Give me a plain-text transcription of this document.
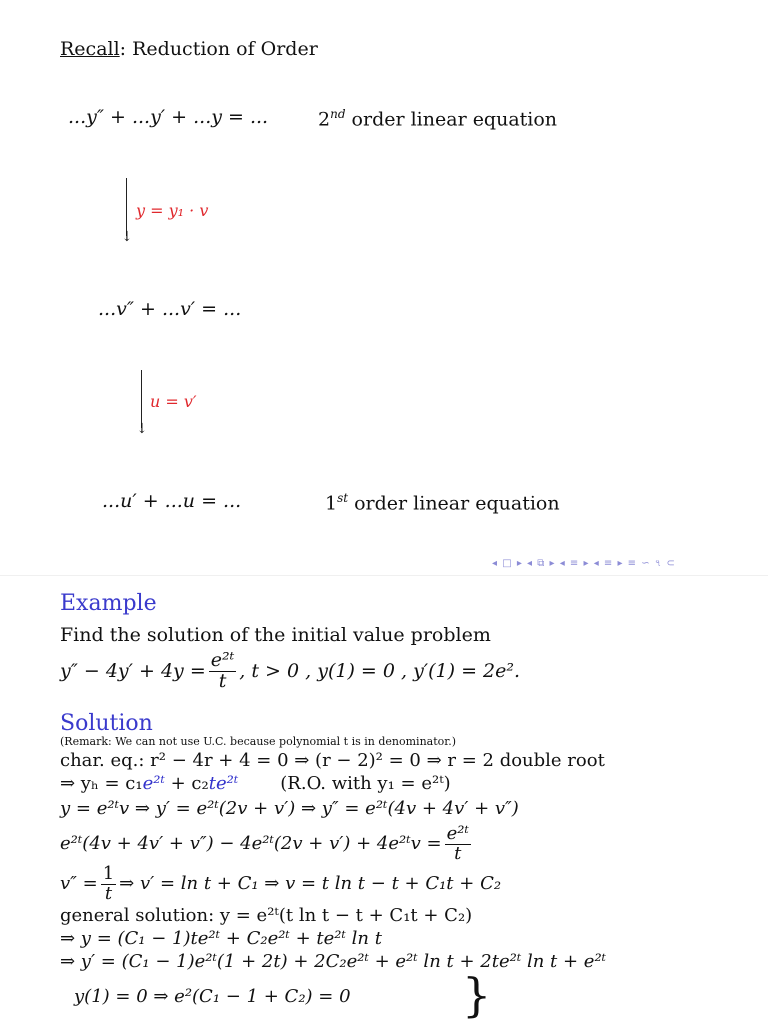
Recall: Reduction of Order
...y″ + ...y′ + ...y = ...	2nd order linear equation
↓
y = y₁ · v
...v″ + ...v′ = ...
↓
u = v′
...u′ + ...u = ...	1st order linear equation
◂ □ ▸ ◂ ⧉ ▸ ◂ ≡ ▸ ◂ ≡ ▸ ≡ ∽ ৭ ⊂
Example
Find the solution of the initial value problem
$y'' - 4y' + 4y = \frac{\text{e²ᵗ}}{t}$ , t > 0 , y(1) = 0 , y′(1) = 2e².
Solution
(Remark: We can not use U.C. because polynomial t is in denominator.)
char. eq.: r² − 4r + 4 = 0 ⇒ (r − 2)² = 0 ⇒ r = 2 double root
⇒ yₕ = c₁e²ᵗ + c₂te²ᵗ (R.O. with y₁ = e²ᵗ)
y = e²ᵗv ⇒ y′ = e²ᵗ(2v + v′) ⇒ y″ = e²ᵗ(4v + 4v′ + v″)
e²ᵗ(4v + 4v′ + v″) − 4e²ᵗ(2v + v′) + 4e²ᵗv = $\frac{\text{e²ᵗ}}{t}$
$v'' = \frac{1}{t}$ ⇒ v′ = ln t + C₁ ⇒ v = t ln t − t + C₁t + C₂
general solution: y = e²ᵗ(t ln t − t + C₁t + C₂)
⇒ y = (C₁ − 1)te²ᵗ + C₂e²ᵗ + te²ᵗ ln t
⇒ y′ = (C₁ − 1)e²ᵗ(1 + 2t) + 2C₂e²ᵗ + e²ᵗ ln t + 2te²ᵗ ln t + e²ᵗ
y(1) = 0 ⇒ e²(C₁ − 1 + C₂) = 0 }
